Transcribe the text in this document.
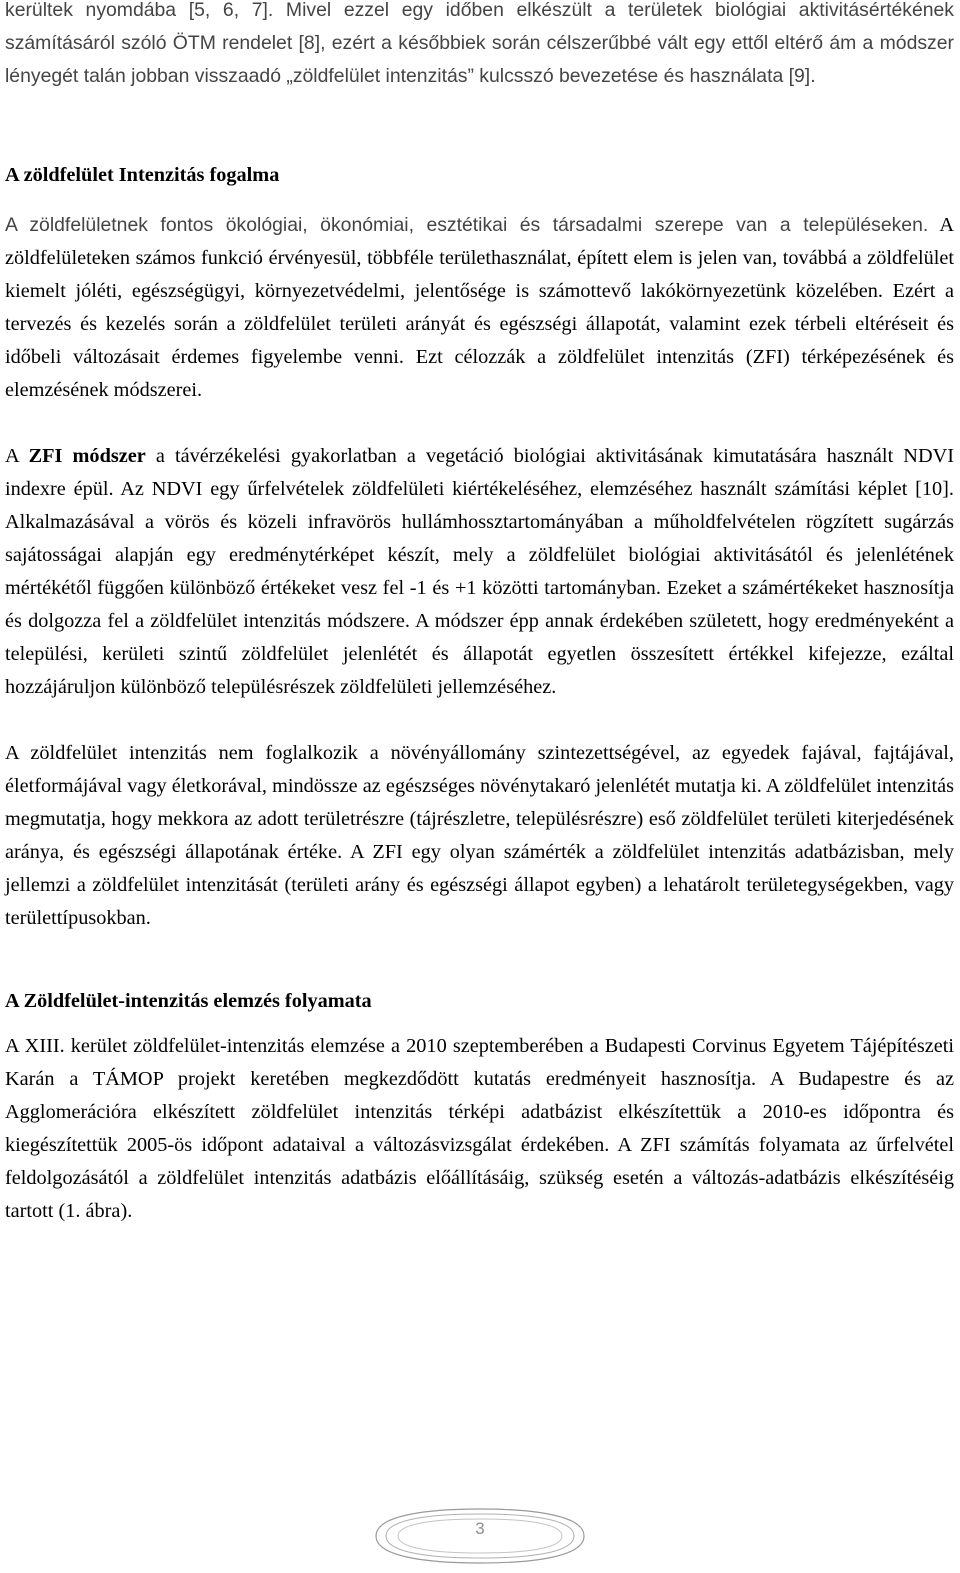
kerültek nyomdába [5, 6, 7]. Mivel ezzel egy időben elkészült a területek biológiai aktivitásértékének számításáról szóló ÖTM rendelet [8], ezért a későbbiek során célszerűbbé vált egy ettől eltérő ám a módszer lényegét talán jobban visszaadó „zöldfelület intenzitás” kulcsszó bevezetése és használata [9].

A zöldfelület Intenzitás fogalma

A zöldfelületnek fontos ökológiai, ökonómiai, esztétikai és társadalmi szerepe van a településeken. A zöldfelületeken számos funkció érvényesül, többféle területhasználat, épített elem is jelen van, továbbá a zöldfelület kiemelt jóléti, egészségügyi, környezetvédelmi, jelentősége is számottevő lakókörnyezetünk közelében. Ezért a tervezés és kezelés során a zöldfelület területi arányát és egészségi állapotát, valamint ezek térbeli eltéréseit és időbeli változásait érdemes figyelembe venni. Ezt célozzák a zöldfelület intenzitás (ZFI) térképezésének és elemzésének módszerei.

A ZFI módszer a távérzékelési gyakorlatban a vegetáció biológiai aktivitásának kimutatására használt NDVI indexre épül. Az NDVI egy űrfelvételek zöldfelületi kiértékeléséhez, elemzéséhez használt számítási képlet [10]. Alkalmazásával a vörös és közeli infravörös hullámhossztartományában a műholdfelvételen rögzített sugárzás sajátosságai alapján egy eredménytérképet készít, mely a zöldfelület biológiai aktivitásától és jelenlétének mértékétől függően különböző értékeket vesz fel -1 és +1 közötti tartományban. Ezeket a számértékeket hasznosítja és dolgozza fel a zöldfelület intenzitás módszere. A módszer épp annak érdekében született, hogy eredményeként a települési, kerületi szintű zöldfelület jelenlétét és állapotát egyetlen összesített értékkel kifejezze, ezáltal hozzájáruljon különböző településrészek zöldfelületi jellemzéséhez.

A zöldfelület intenzitás nem foglalkozik a növényállomány szintezettségével, az egyedek fajával, fajtájával, életformájával vagy életkorával, mindössze az egészséges növénytakaró jelenlétét mutatja ki. A zöldfelület intenzitás megmutatja, hogy mekkora az adott területrészre (tájrészletre, településrészre) eső zöldfelület területi kiterjedésének aránya, és egészségi állapotának értéke. A ZFI egy olyan számérték a zöldfelület intenzitás adatbázisban, mely jellemzi a zöldfelület intenzitását (területi arány és egészségi állapot egyben) a lehatárolt területegységekben, vagy területtípusokban.

A Zöldfelület-intenzitás elemzés folyamata

A XIII. kerület zöldfelület-intenzitás elemzése a 2010 szeptemberében a Budapesti Corvinus Egyetem Tájépítészeti Karán a TÁMOP projekt keretében megkezdődött kutatás eredményeit hasznosítja. A Budapestre és az Agglomerációra elkészített zöldfelület intenzitás térképi adatbázist elkészítettük a 2010-es időpontra és kiegészítettük 2005-ös időpont adataival a változásvizsgálat érdekében. A ZFI számítás folyamata az űrfelvétel feldolgozásától a zöldfelület intenzitás adatbázis előállításáig, szükség esetén a változás-adatbázis elkészítéséig tartott (1. ábra).

3
